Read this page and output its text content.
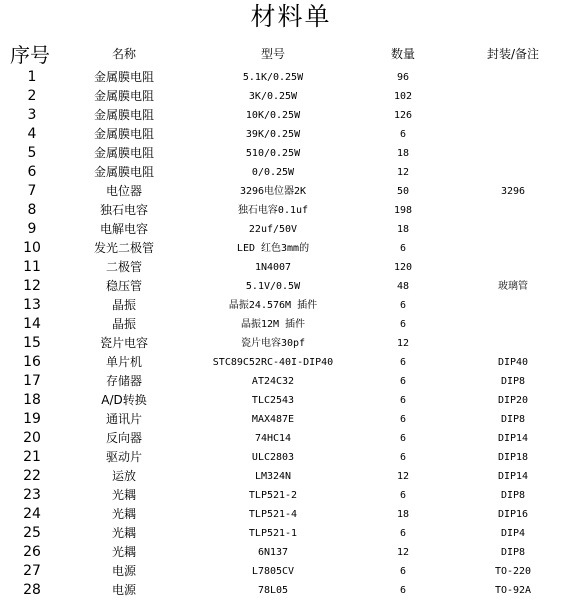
材料单
序号	名称	型号	数量	封装/备注
1	金属膜电阻	5.1K/0.25W	96	
2	金属膜电阻	3K/0.25W	102	
3	金属膜电阻	10K/0.25W	126	
4	金属膜电阻	39K/0.25W	6	
5	金属膜电阻	510/0.25W	18	
6	金属膜电阻	0/0.25W	12	
7	电位器	3296电位器2K	50	3296
8	独石电容	独石电容0.1uf	198	
9	电解电容	22uf/50V	18	
10	发光二极管	LED 红色3mm的	6	
11	二极管	1N4007	120	
12	稳压管	5.1V/0.5W	48	玻璃管
13	晶振	晶振24.576M 插件	6	
14	晶振	晶振12M 插件	6	
15	瓷片电容	瓷片电容30pf	12	
16	单片机	STC89C52RC-40I-DIP40	6	DIP40
17	存储器	AT24C32	6	DIP8
18	A/D转换	TLC2543	6	DIP20
19	通讯片	MAX487E	6	DIP8
20	反向器	74HC14	6	DIP14
21	驱动片	ULC2803	6	DIP18
22	运放	LM324N	12	DIP14
23	光耦	TLP521-2	6	DIP8
24	光耦	TLP521-4	18	DIP16
25	光耦	TLP521-1	6	DIP4
26	光耦	6N137	12	DIP8
27	电源	L7805CV	6	TO-220
28	电源	78L05	6	TO-92A
